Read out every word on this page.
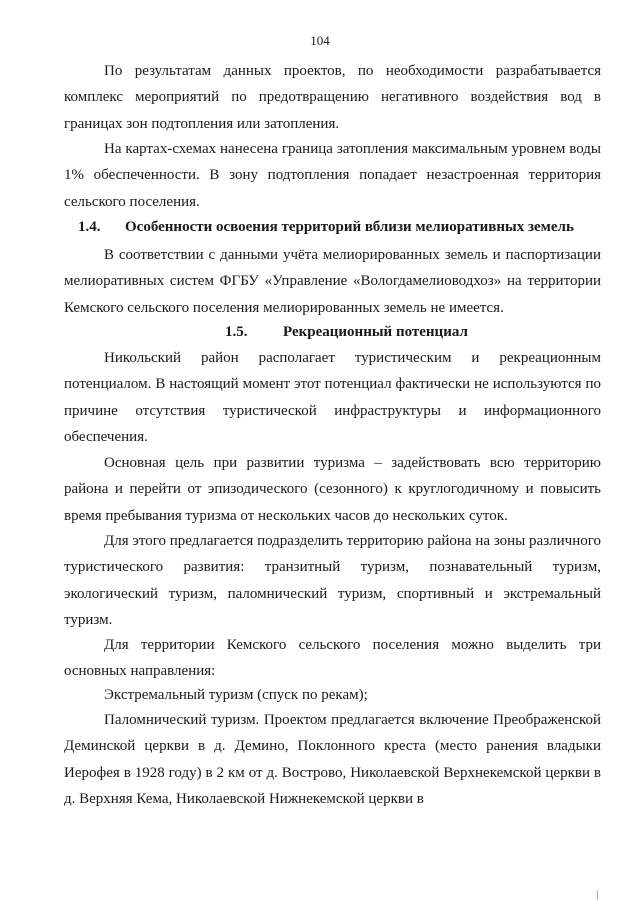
104

По результатам данных проектов, по необходимости разрабатывается комплекс мероприятий по предотвращению негативного воздействия вод в границах зон подтопления или затопления.

На картах-схемах нанесена граница затопления максимальным уровнем воды 1% обеспеченности. В зону подтопления попадает незастроенная территория сельского поселения.

1.4. Особенности освоения территорий вблизи мелиоративных земель

В соответствии с данными учёта мелиорированных земель и паспортизации мелиоративных систем ФГБУ «Управление «Вологдамелиоводхоз» на территории Кемского сельского поселения мелиорированных земель не имеется.

1.5. Рекреационный потенциал

Никольский район располагает туристическим и рекреационным потенциалом. В настоящий момент этот потенциал фактически не используются по причине отсутствия туристической инфраструктуры и информационного обеспечения.

Основная цель при развитии туризма – задействовать всю территорию района и перейти от эпизодического (сезонного) к круглогодичному и повысить время пребывания туризма от нескольких часов до нескольких суток.

Для этого предлагается подразделить территорию района на зоны различного туристического развития: транзитный туризм, познавательный туризм, экологический туризм, паломнический туризм, спортивный и экстремальный туризм.

Для территории Кемского сельского поселения можно выделить три основных направления:

Экстремальный туризм (спуск по рекам);

Паломнический туризм. Проектом предлагается включение Преображенской Деминской церкви в д. Демино, Поклонного креста (место ранения владыки Иерофея в 1928 году) в 2 км от д. Вострово, Николаевской Верхнекемской церкви в д. Верхняя Кема, Николаевской Нижнекемской церкви в
